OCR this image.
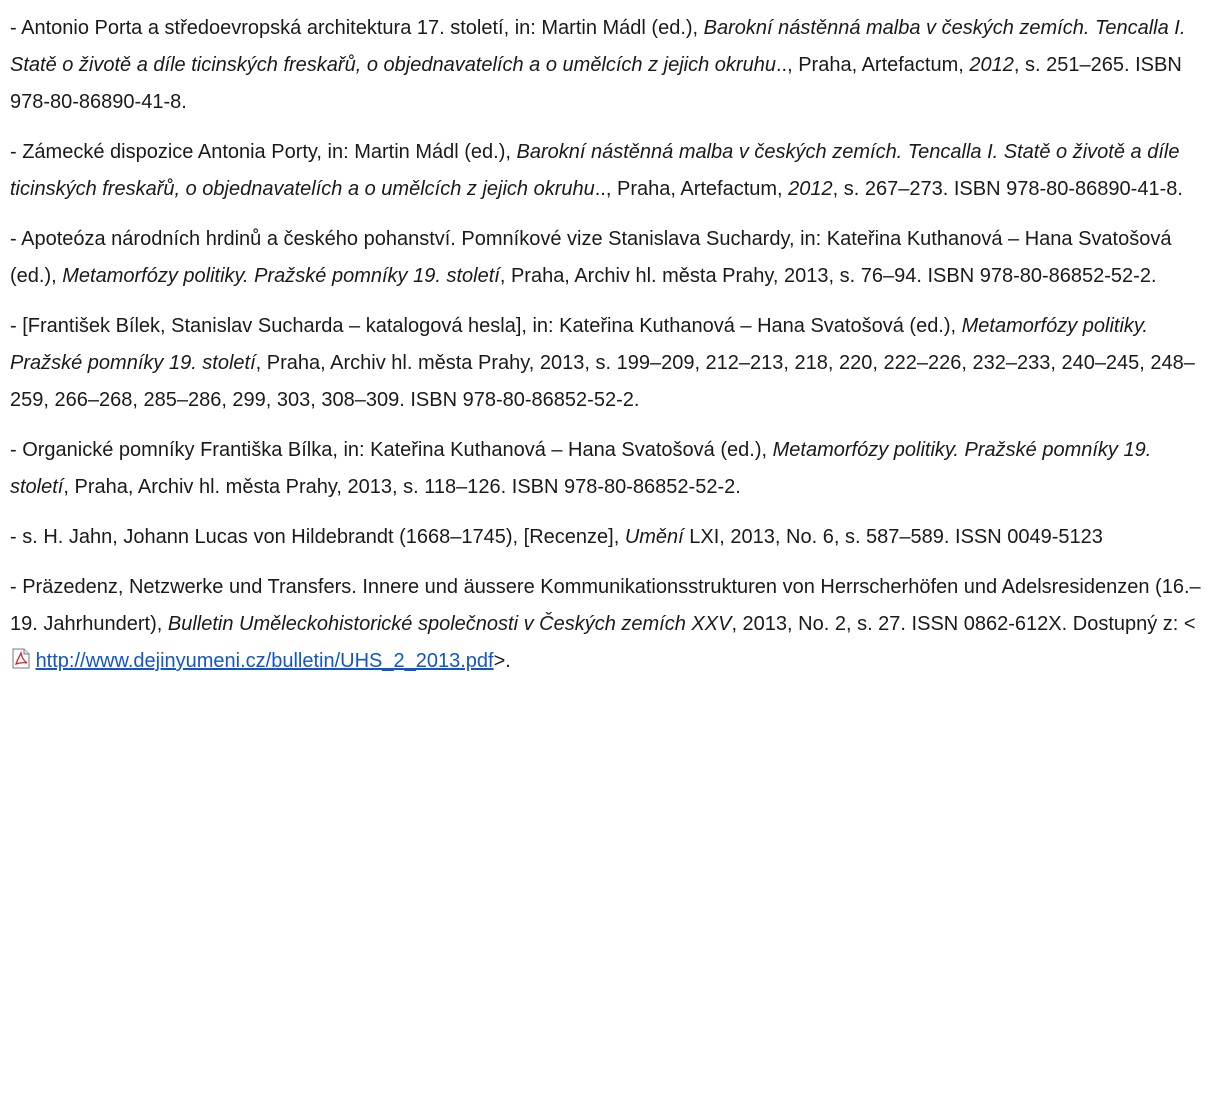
- Antonio Porta a středoevropská architektura 17. století, in: Martin Mádl (ed.), Barokní nástěnná malba v českých zemích. Tencalla I. Statě o životě a díle ticinských freskařů, o objednavatelích a o umělcích z jejich okruhu.., Praha, Artefactum, 2012, s. 251–265. ISBN 978-80-86890-41-8.

- Zámecké dispozice Antonia Porty, in: Martin Mádl (ed.), Barokní nástěnná malba v českých zemích. Tencalla I. Statě o životě a díle ticinských freskařů, o objednavatelích a o umělcích z jejich okruhu.., Praha, Artefactum, 2012, s. 267–273. ISBN 978-80-86890-41-8.

- Apoteóza národních hrdinů a českého pohanství. Pomníkové vize Stanislava Suchardy, in: Kateřina Kuthanová – Hana Svatošová (ed.), Metamorfózy politiky. Pražské pomníky 19. století, Praha, Archiv hl. města Prahy, 2013, s. 76–94. ISBN 978-80-86852-52-2.

- [František Bílek, Stanislav Sucharda – katalogová hesla], in: Kateřina Kuthanová – Hana Svatošová (ed.), Metamorfózy politiky. Pražské pomníky 19. století, Praha, Archiv hl. města Prahy, 2013, s. 199–209, 212–213, 218, 220, 222–226, 232–233, 240–245, 248–259, 266–268, 285–286, 299, 303, 308–309. ISBN 978-80-86852-52-2.

- Organické pomníky Františka Bílka, in: Kateřina Kuthanová – Hana Svatošová (ed.), Metamorfózy politiky. Pražské pomníky 19. století, Praha, Archiv hl. města Prahy, 2013, s. 118–126. ISBN 978-80-86852-52-2.

- s. H. Jahn, Johann Lucas von Hildebrandt (1668–1745), [Recenze], Umění LXI, 2013, No. 6, s. 587–589. ISSN 0049-5123

- Präzedenz, Netzwerke und Transfers. Innere und äussere Kommunikationsstrukturen von Herrscherhöfen und Adelsresidenzen (16.–19. Jahrhundert), Bulletin Uměleckohistorické společnosti v Českých zemích XXV, 2013, No. 2, s. 27. ISSN 0862-612X. Dostupný z: < http://www.dejinyumeni.cz/bulletin/UHS_2_2013.pdf>.
